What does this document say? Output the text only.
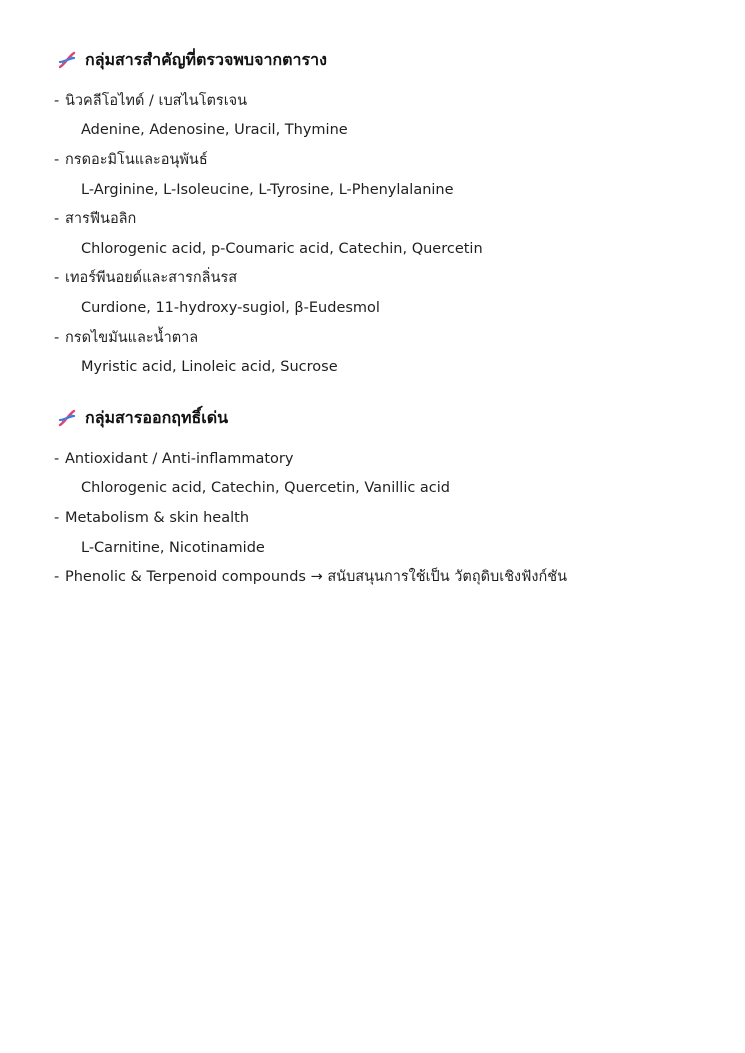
กลุ่มสารสำคัญที่ตรวจพบจากตาราง
- นิวคลีโอไทด์ / เบสไนโตรเจน
Adenine, Adenosine, Uracil, Thymine
- กรดอะมิโนและอนุพันธ์
L-Arginine, L-Isoleucine, L-Tyrosine, L-Phenylalanine
- สารฟีนอลิก
Chlorogenic acid, p-Coumaric acid, Catechin, Quercetin
- เทอร์พีนอยด์และสารกลิ่นรส
Curdione, 11-hydroxy-sugiol, β-Eudesmol
- กรดไขมันและน้ำตาล
Myristic acid, Linoleic acid, Sucrose
กลุ่มสารออกฤทธิ์เด่น
- Antioxidant / Anti-inflammatory
Chlorogenic acid, Catechin, Quercetin, Vanillic acid
- Metabolism & skin health
L-Carnitine, Nicotinamide
- Phenolic & Terpenoid compounds → สนับสนุนการใช้เป็น วัตถุดิบเชิงฟังก์ชัน
